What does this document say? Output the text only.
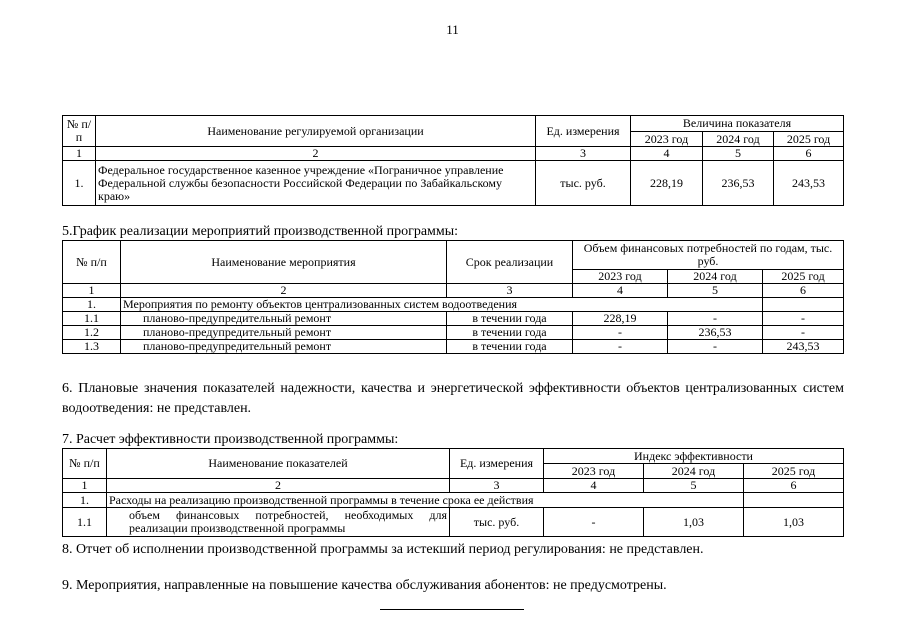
11
№ п/п	Наименование регулируемой организации	Ед. измерения	Величина показателя		
			2023 год	2024 год	2025 год
1	2	3	4	5	6
1.	Федеральное государственное казенное учреждение «Пограничное управление Федеральной службы безопасности Российской Федерации по Забайкальскому краю»	тыс. руб.	228,19	236,53	243,53
5.График реализации мероприятий производственной программы:
№ п/п	Наименование мероприятия	Срок реализации	Объем финансовых потребностей по годам, тыс. руб.		
			2023 год	2024 год	2025 год
1	2	3	4	5	6
1.	Мероприятия по ремонту объектов централизованных систем водоотведения				
1.1	планово-предупредительный ремонт	в течении года	228,19	-	-
1.2	планово-предупредительный ремонт	в течении года	-	236,53	-
1.3	планово-предупредительный ремонт	в течении года	-	-	243,53
6. Плановые значения показателей надежности, качества и энергетической эффективности объектов централизованных систем водоотведения: не представлен.
7. Расчет эффективности производственной программы:
№ п/п	Наименование показателей	Ед. измерения	Индекс эффективности		
			2023 год	2024 год	2025 год
1	2	3	4	5	6
1.	Расходы на реализацию производственной программы в течение срока ее действия				
1.1	объем финансовых потребностей, необходимых для реализации производственной программы	тыс. руб.	-	1,03	1,03
8. Отчет об исполнении производственной программы за истекший период регулирования: не представлен.
9. Мероприятия, направленные на повышение качества обслуживания абонентов: не предусмотрены.
